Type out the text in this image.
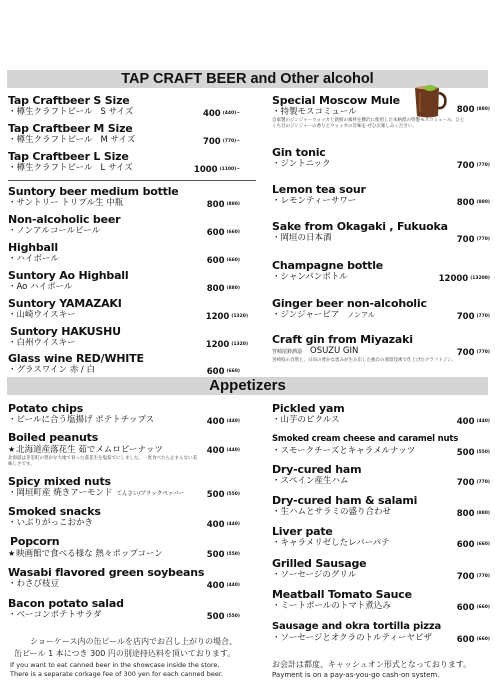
TAP CRAFT BEER and Other alcohol
Tap Craftbeer S Size
・樽生クラフトビール S サイズ	400 (440)~
Tap Craftbeer M Size
・樽生クラフトビール M サイズ	700 (770)~
Tap Craftbeer L Size
・樽生クラフトビール L サイズ	1000 (1100)~
Suntory beer medium bottle
・サントリー トリプル生 中瓶	800 (880)
Non-alcoholic beer
・ノンアルコールビール	600 (660)
Highball
・ハイボール	600 (660)
Suntory Ao Highball
・Ao ハイボール	800 (880)
Suntory YAMAZAKI
・山崎ウイスキー	1200 (1320)
Suntory HAKUSHU
・白州ウイスキー	1200 (1320)
Glass wine RED/WHITE
・グラスワイン 赤 / 白	600 (660)
Special Moscow Mule
・特製モスコミュール
自家製のジンジャーウォッカと新鮮の素材を贅沢に使用した本格派の特製モスコミュール。ひとくち目のジンジャーの香りとウォッカの旨味を ぜひお楽しみください。
800 (880)
Gin tonic
・ジントニック	700 (770)
Lemon tea sour
・レモンティーサワー	800 (880)
Sake from Okagaki , Fukuoka
・岡垣の日本酒	700 (770)
Champagne bottle
・シャンパンボトル	12000 (13200)
Ginger beer non-alcoholic
・ジンジャービア ノンアル	700 (770)
Craft gin from Miyazaki
宮崎尾鈴酒造 OSUZU GIN
宮崎県の自然と、日向の豊かな恵みが生み出した独自の蒸留技術で仕上げたクラフトジン。
700 (770)
Appetizers
Potato chips
・ビールに合う塩揚げ ポテトチップス	400 (440)
Boiled peanuts
★北海道産落花生 茹でメムロピーナッツ
北海道は芽室町の豊かな大地で育った落花生を塩茹でにしました。一度食べたら止まらない美味しさです。
400 (440)
Spicy mixed nuts
・岡垣町産 焼きアーモンド てんさい/ブラックペッパー	500 (550)
Smoked snacks
・いぶりがっこおかき	400 (440)
Popcorn
★映画館で食べる様な 熱々ポップコーン	500 (550)
Wasabi flavored green soybeans
・わさび枝豆	400 (440)
Bacon potato salad
・ベーコンポテトサラダ	500 (550)
Pickled yam
・山芋のピクルス	400 (440)
Smoked cream cheese and caramel nuts
・スモークチーズとキャラメルナッツ	500 (550)
Dry-cured ham
・スペイン産生ハム	700 (770)
Dry-cured ham & salami
・生ハムとサラミの盛り合わせ	800 (880)
Liver pate
・キャラメリゼしたレバーパテ	600 (660)
Grilled Sausage
・ソーセージのグリル	700 (770)
Meatball Tomato Sauce
・ミートボールのトマト煮込み	600 (660)
Sausage and okra tortilla pizza
・ソーセージとオクラのトルティーヤピザ	600 (660)
ショーケース内の缶ビールを店内でお召し上がりの場合、
缶ビール 1 本につき 300 円の別途持込料を頂いております。
If you want to eat canned beer in the showcase inside the store,
There is a separate corkage fee of 300 yen for each canned beer.
お会計は都度、キャッシュオン形式となっております。
Payment is on a pay-as-you-go cash-on system.
